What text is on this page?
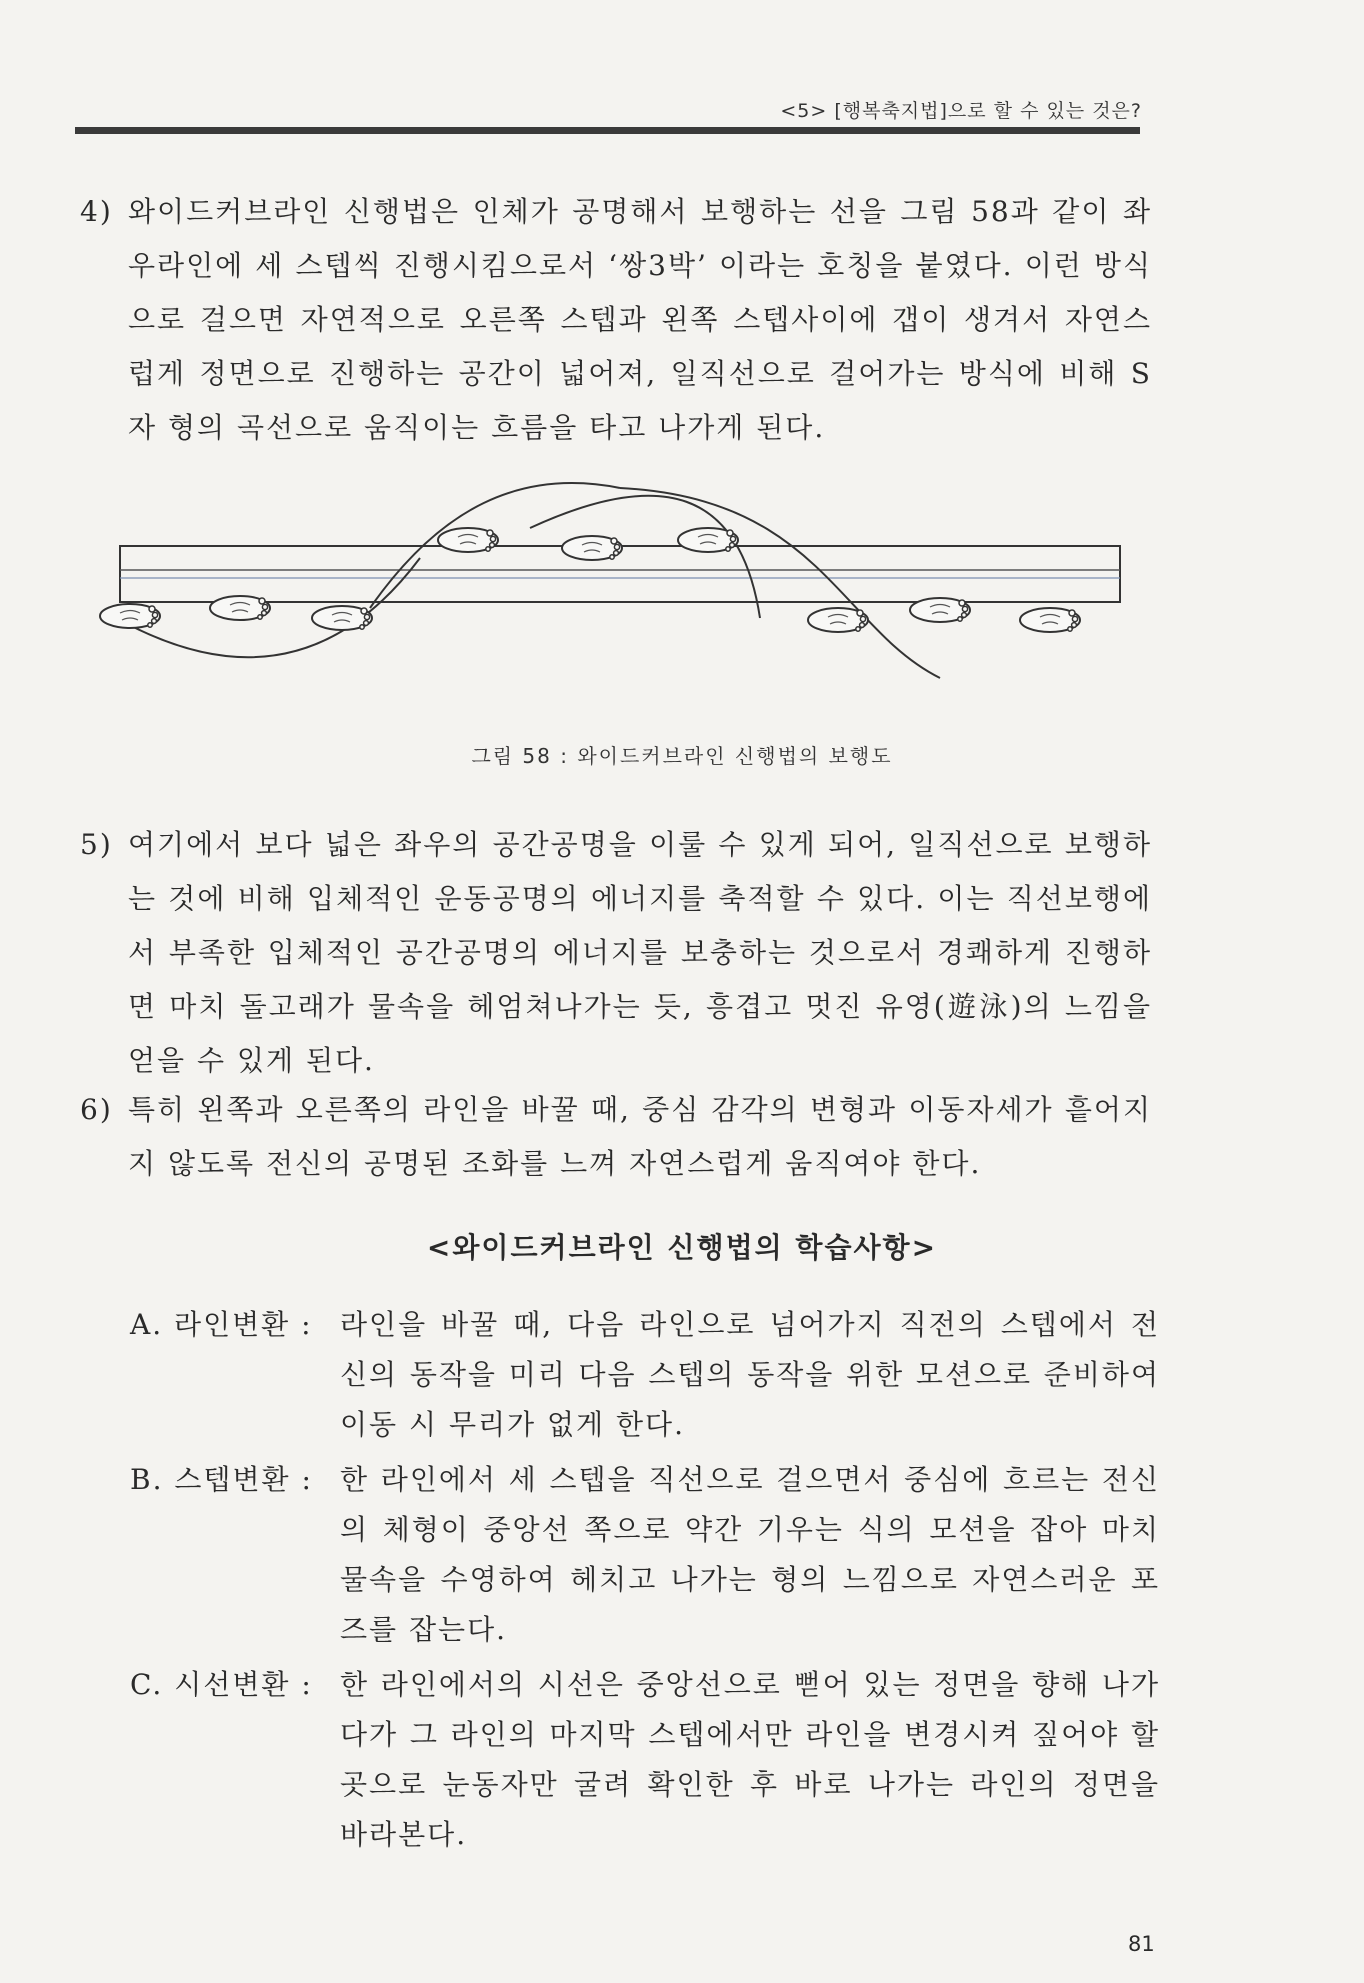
<5> [행복축지법]으로 할 수 있는 것은?
4) 와이드커브라인 신행법은 인체가 공명해서 보행하는 선을 그림 58과 같이 좌우라인에 세 스텝씩 진행시킴으로서 ‘쌍3박’ 이라는 호칭을 붙였다. 이런 방식으로 걸으면 자연적으로 오른쪽 스텝과 왼쪽 스텝사이에 갭이 생겨서 자연스럽게 정면으로 진행하는 공간이 넓어져, 일직선으로 걸어가는 방식에 비해 S자 형의 곡선으로 움직이는 흐름을 타고 나가게 된다.
그림 58 : 와이드커브라인 신행법의 보행도
5) 여기에서 보다 넓은 좌우의 공간공명을 이룰 수 있게 되어, 일직선으로 보행하는 것에 비해 입체적인 운동공명의 에너지를 축적할 수 있다. 이는 직선보행에서 부족한 입체적인 공간공명의 에너지를 보충하는 것으로서 경쾌하게 진행하면 마치 돌고래가 물속을 헤엄쳐나가는 듯, 흥겹고 멋진 유영(遊泳)의 느낌을 얻을 수 있게 된다.
6) 특히 왼쪽과 오른쪽의 라인을 바꿀 때, 중심 감각의 변형과 이동자세가 흩어지지 않도록 전신의 공명된 조화를 느껴 자연스럽게 움직여야 한다.
<와이드커브라인 신행법의 학습사항>
A. 라인변환 : 라인을 바꿀 때, 다음 라인으로 넘어가지 직전의 스텝에서 전신의 동작을 미리 다음 스텝의 동작을 위한 모션으로 준비하여 이동 시 무리가 없게 한다.
B. 스텝변환 : 한 라인에서 세 스텝을 직선으로 걸으면서 중심에 흐르는 전신의 체형이 중앙선 쪽으로 약간 기우는 식의 모션을 잡아 마치 물속을 수영하여 헤치고 나가는 형의 느낌으로 자연스러운 포즈를 잡는다.
C. 시선변환 : 한 라인에서의 시선은 중앙선으로 뻗어 있는 정면을 향해 나가다가 그 라인의 마지막 스텝에서만 라인을 변경시켜 짚어야 할 곳으로 눈동자만 굴려 확인한 후 바로 나가는 라인의 정면을 바라본다.
81
